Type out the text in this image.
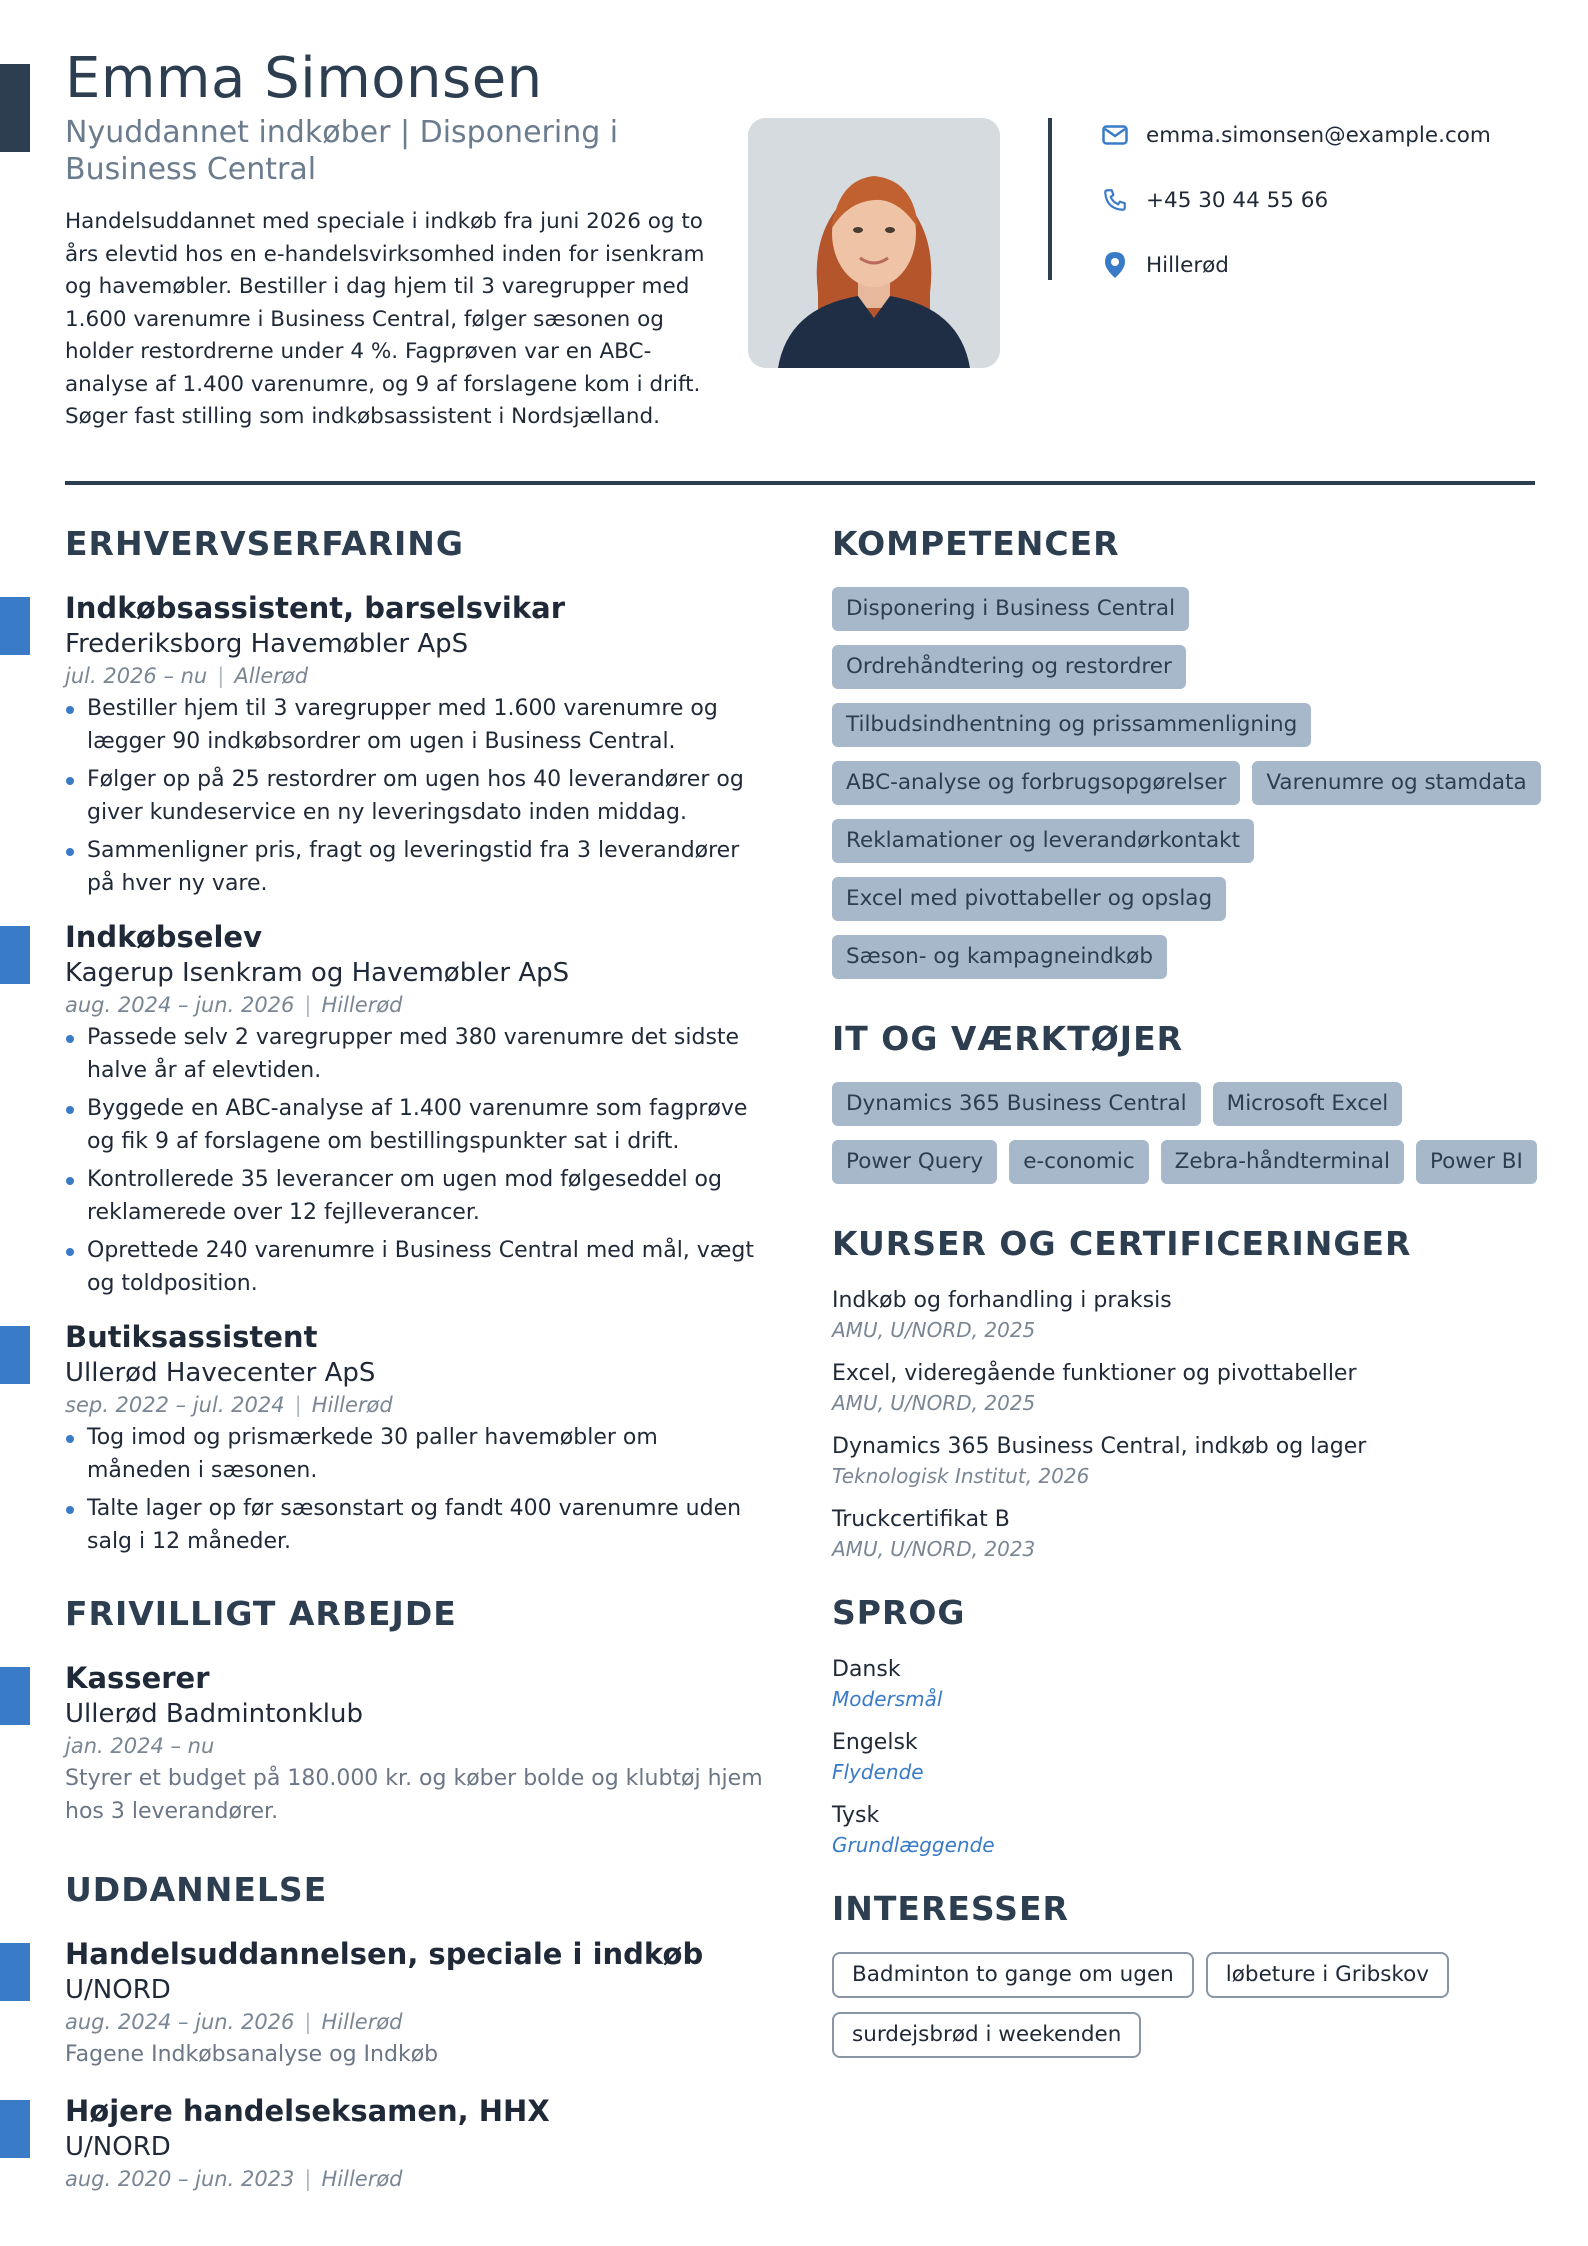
Emma Simonsen
Nyuddannet indkøber | Disponering i Business Central

Handelsuddannet med speciale i indkøb fra juni 2026 og to års elevtid hos en e-handelsvirksomhed inden for isenkram og havemøbler. Bestiller i dag hjem til 3 varegrupper med 1.600 varenumre i Business Central, følger sæsonen og holder restordrerne under 4 %. Fagprøven var en ABC-analyse af 1.400 varenumre, og 9 af forslagene kom i drift. Søger fast stilling som indkøbsassistent i Nordsjælland.

emma.simonsen@example.com
+45 30 44 55 66
Hillerød
ERHVERVSERFARING
Indkøbsassistent, barselsvikar
Frederiksborg Havemøbler ApS
jul. 2026 – nu | Allerød
Bestiller hjem til 3 varegrupper med 1.600 varenumre og lægger 90 indkøbsordrer om ugen i Business Central.
Følger op på 25 restordrer om ugen hos 40 leverandører og giver kundeservice en ny leveringsdato inden middag.
Sammenligner pris, fragt og leveringstid fra 3 leverandører på hver ny vare.
Indkøbselev
Kagerup Isenkram og Havemøbler ApS
aug. 2024 – jun. 2026 | Hillerød
Passede selv 2 varegrupper med 380 varenumre det sidste halve år af elevtiden.
Byggede en ABC-analyse af 1.400 varenumre som fagprøve og fik 9 af forslagene om bestillingspunkter sat i drift.
Kontrollerede 35 leverancer om ugen mod følgeseddel og reklamerede over 12 fejlleverancer.
Oprettede 240 varenumre i Business Central med mål, vægt og toldposition.
Butiksassistent
Ullerød Havecenter ApS
sep. 2022 – jul. 2024 | Hillerød
Tog imod og prismærkede 30 paller havemøbler om måneden i sæsonen.
Talte lager op før sæsonstart og fandt 400 varenumre uden salg i 12 måneder.
FRIVILLIGT ARBEJDE
Kasserer
Ullerød Badmintonklub
jan. 2024 – nu
Styrer et budget på 180.000 kr. og køber bolde og klubtøj hjem hos 3 leverandører.
UDDANNELSE
Handelsuddannelsen, speciale i indkøb
U/NORD
aug. 2024 – jun. 2026 | Hillerød
Fagene Indkøbsanalyse og Indkøb
Højere handelseksamen, HHX
U/NORD
aug. 2020 – jun. 2023 | Hillerød
KOMPETENCER
Disponering i Business Central
Ordrehåndtering og restordrer
Tilbudsindhentning og prissammenligning
ABC-analyse og forbrugsopgørelser	Varenumre og stamdata
Reklamationer og leverandørkontakt
Excel med pivottabeller og opslag
Sæson- og kampagneindkøb
IT OG VÆRKTØJER
Dynamics 365 Business Central	Microsoft Excel
Power Query	e-conomic	Zebra-håndterminal	Power BI
KURSER OG CERTIFICERINGER
Indkøb og forhandling i praksis
AMU, U/NORD, 2025
Excel, videregående funktioner og pivottabeller
AMU, U/NORD, 2025
Dynamics 365 Business Central, indkøb og lager
Teknologisk Institut, 2026
Truckcertifikat B
AMU, U/NORD, 2023
SPROG
Dansk
Modersmål
Engelsk
Flydende
Tysk
Grundlæggende
INTERESSER
Badminton to gange om ugen	løbeture i Gribskov
surdejsbrød i weekenden
